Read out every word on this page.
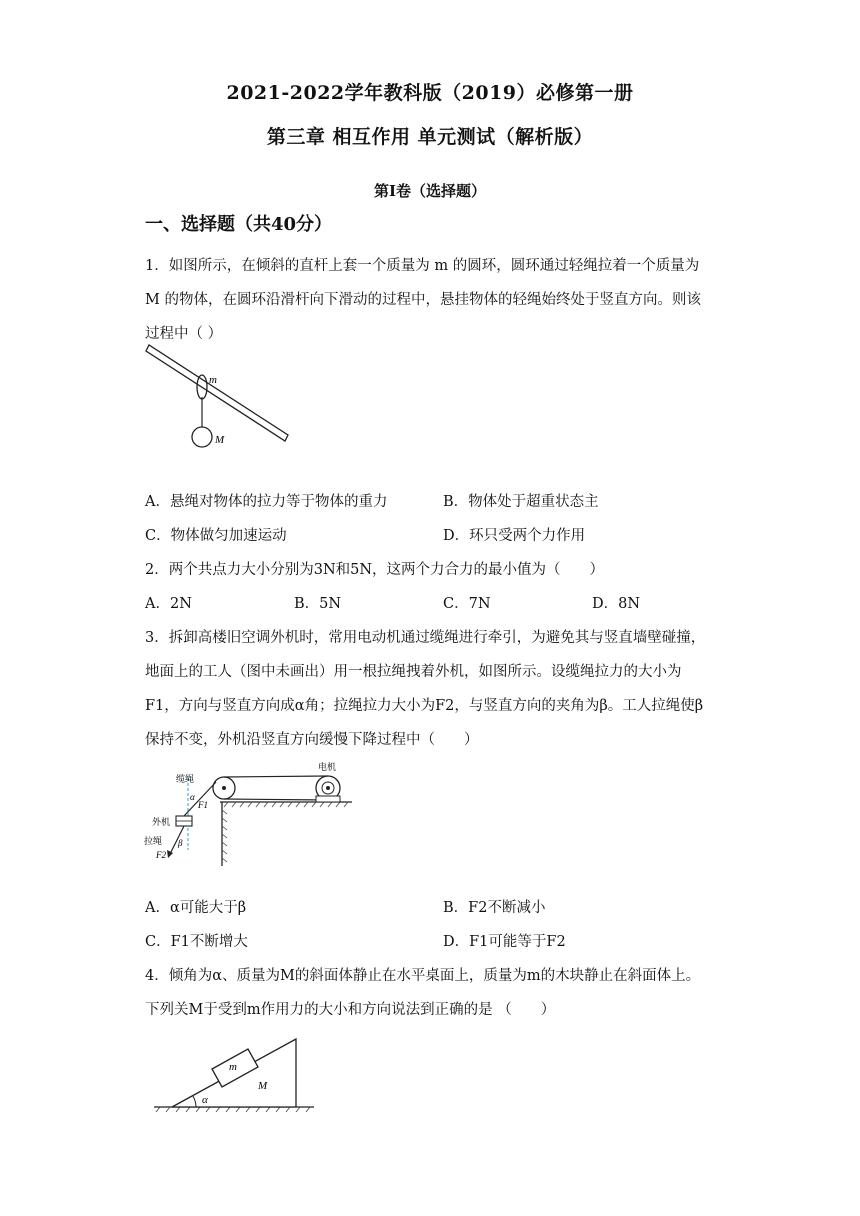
2021-2022学年教科版（2019）必修第一册
第三章 相互作用 单元测试（解析版）
第I卷（选择题）
一、选择题（共40分）
1．如图所示，在倾斜的直杆上套一个质量为 m 的圆环，圆环通过轻绳拉着一个质量为
M 的物体，在圆环沿滑杆向下滑动的过程中，悬挂物体的轻绳始终处于竖直方向。则该
过程中（ ）
m
M
A．悬绳对物体的拉力等于物体的重力	B．物体处于超重状态主
C．物体做匀加速运动	D．环只受两个力作用
2．两个共点力大小分别为3N和5N，这两个力合力的最小值为（　　）
A．2N	B．5N	C．7N	D．8N
3．拆卸高楼旧空调外机时，常用电动机通过缆绳进行牵引，为避免其与竖直墙壁碰撞，
地面上的工人（图中未画出）用一根拉绳拽着外机，如图所示。设缆绳拉力的大小为
F1，方向与竖直方向成α角；拉绳拉力大小为F2，与竖直方向的夹角为β。工人拉绳使β
保持不变，外机沿竖直方向缓慢下降过程中（　　）
电机
缆绳
α
F1
外机
拉绳 β
F2
A．α可能大于β	B．F2不断减小
C．F1不断增大	D．F1可能等于F2
4．倾角为α、质量为M的斜面体静止在水平桌面上，质量为m的木块静止在斜面体上。
下列关M于受到m作用力的大小和方向说法到正确的是 （　　）
m
M
α
